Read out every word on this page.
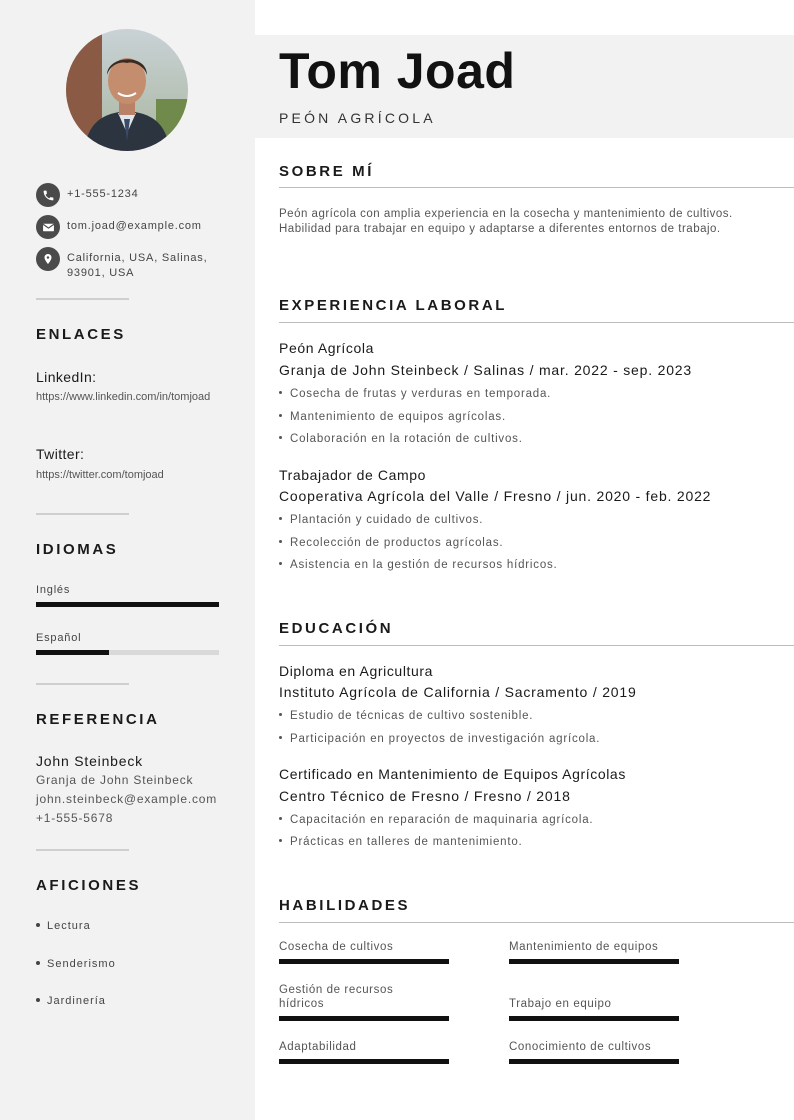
+1-555-1234
tom.joad@example.com
California, USA, Salinas, 93901, USA
ENLACES
LinkedIn:
https://www.linkedin.com/in/tomjoad
Twitter:
https://twitter.com/tomjoad
IDIOMAS
Inglés
Español
REFERENCIA
John Steinbeck
Granja de John Steinbeck
john.steinbeck@example.com
+1-555-5678
AFICIONES
Lectura
Senderismo
Jardinería
Tom Joad
PEÓN AGRÍCOLA
SOBRE MÍ
Peón agrícola con amplia experiencia en la cosecha y mantenimiento de cultivos. Habilidad para trabajar en equipo y adaptarse a diferentes entornos de trabajo.
EXPERIENCIA LABORAL
Peón Agrícola
Granja de John Steinbeck / Salinas / mar. 2022 - sep. 2023
Cosecha de frutas y verduras en temporada.
Mantenimiento de equipos agrícolas.
Colaboración en la rotación de cultivos.
Trabajador de Campo
Cooperativa Agrícola del Valle / Fresno / jun. 2020 - feb. 2022
Plantación y cuidado de cultivos.
Recolección de productos agrícolas.
Asistencia en la gestión de recursos hídricos.
EDUCACIÓN
Diploma en Agricultura
Instituto Agrícola de California / Sacramento / 2019
Estudio de técnicas de cultivo sostenible.
Participación en proyectos de investigación agrícola.
Certificado en Mantenimiento de Equipos Agrícolas
Centro Técnico de Fresno / Fresno / 2018
Capacitación en reparación de maquinaria agrícola.
Prácticas en talleres de mantenimiento.
HABILIDADES
Cosecha de cultivos	Mantenimiento de equipos
Gestión de recursos hídricos	Trabajo en equipo
Adaptabilidad	Conocimiento de cultivos
